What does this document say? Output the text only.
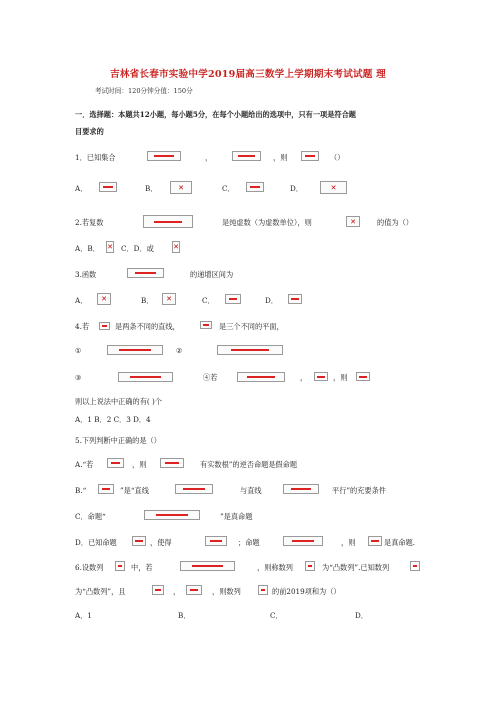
吉林省长春市实验中学2019届高三数学上学期期末考试试题 理
考试时间：120分钟分值：150分
一．选择题：本题共12小题，每小题5分，在每个小题给出的选项中，只有一项是符合题
目要求的
1．已知集合	，	，则	（）
A．	B． ✕	C．	D．
✕
2.若复数	是纯虚数（为虚数单位），则 ✕	的值为（）
A．B． ✕	C．D．或
✕
3.函数	的递增区间为
A． ✕	B． ✕	C．	D．
4.若	是两条不同的直线，	是三个不同的平面，
①	②
③	④若	，	，则
则以上说法中正确的有( )个
A．1 B．2 C．3 D．4
5.下列判断中正确的是（）
A.“若	，则	有实数根”的逆否命题是假命题
B.“	”是“直线	与直线	平行”的充要条件
C．命题“	”是真命题
D．已知命题	，使得	；命题	，则	是真命题.
6.设数列	中，若	，则称数列	为“凸数列”.已知数列
为“凸数列”，且	，	，则数列	的前2019项和为（）
A．1	B．	C．	D．
